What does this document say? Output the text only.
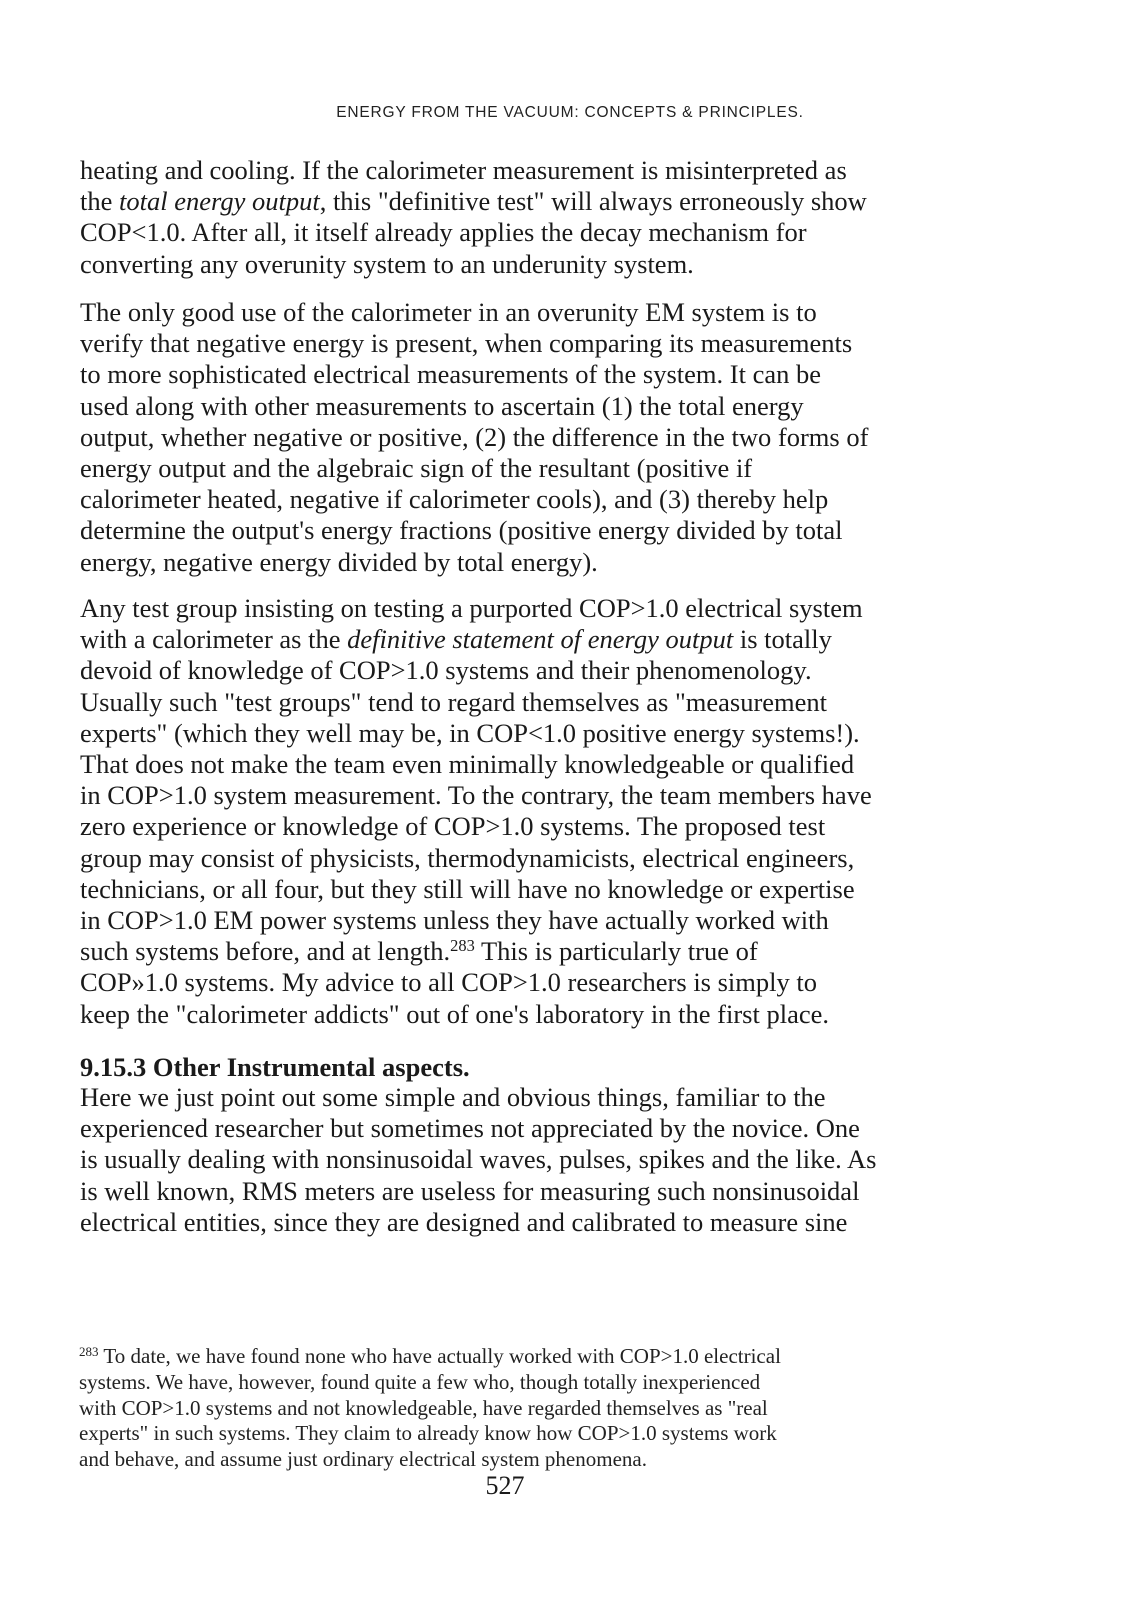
ENERGY FROM THE VACUUM: CONCEPTS & PRINCIPLES.

heating and cooling. If the calorimeter measurement is misinterpreted as
the total energy output, this "definitive test" will always erroneously show
COP<1.0. After all, it itself already applies the decay mechanism for
converting any overunity system to an underunity system.

The only good use of the calorimeter in an overunity EM system is to
verify that negative energy is present, when comparing its measurements
to more sophisticated electrical measurements of the system. It can be
used along with other measurements to ascertain (1) the total energy
output, whether negative or positive, (2) the difference in the two forms of
energy output and the algebraic sign of the resultant (positive if
calorimeter heated, negative if calorimeter cools), and (3) thereby help
determine the output's energy fractions (positive energy divided by total
energy, negative energy divided by total energy).

Any test group insisting on testing a purported COP>1.0 electrical system
with a calorimeter as the definitive statement of energy output is totally
devoid of knowledge of COP>1.0 systems and their phenomenology.
Usually such "test groups" tend to regard themselves as "measurement
experts" (which they well may be, in COP<1.0 positive energy systems!).
That does not make the team even minimally knowledgeable or qualified
in COP>1.0 system measurement. To the contrary, the team members have
zero experience or knowledge of COP>1.0 systems. The proposed test
group may consist of physicists, thermodynamicists, electrical engineers,
technicians, or all four, but they still will have no knowledge or expertise
in COP>1.0 EM power systems unless they have actually worked with
such systems before, and at length.$^{283}$ This is particularly true of
COP»1.0 systems. My advice to all COP>1.0 researchers is simply to
keep the "calorimeter addicts" out of one's laboratory in the first place.

9.15.3 Other Instrumental aspects.

Here we just point out some simple and obvious things, familiar to the
experienced researcher but sometimes not appreciated by the novice. One
is usually dealing with nonsinusoidal waves, pulses, spikes and the like. As
is well known, RMS meters are useless for measuring such nonsinusoidal
electrical entities, since they are designed and calibrated to measure sine

$^{283}$ To date, we have found none who have actually worked with COP>1.0 electrical
systems. We have, however, found quite a few who, though totally inexperienced
with COP>1.0 systems and not knowledgeable, have regarded themselves as "real
experts" in such systems. They claim to already know how COP>1.0 systems work
and behave, and assume just ordinary electrical system phenomena.
527
